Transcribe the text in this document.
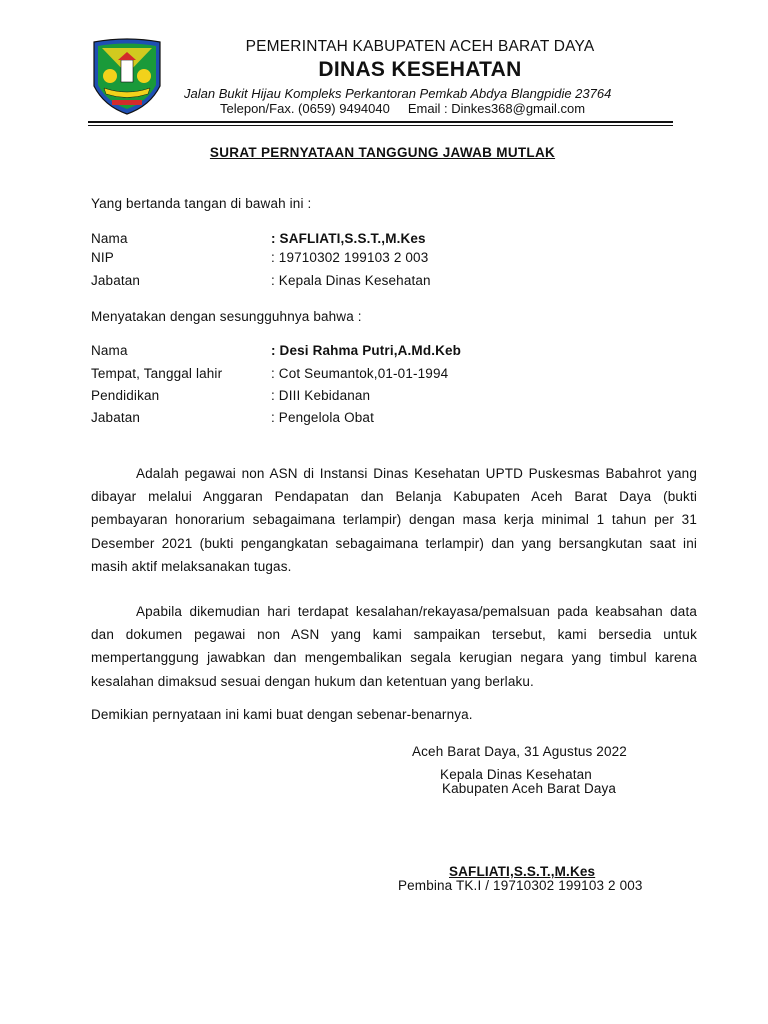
PEMERINTAH KABUPATEN ACEH BARAT DAYA
DINAS KESEHATAN
Jalan Bukit Hijau Kompleks Perkantoran Pemkab Abdya Blangpidie 23764
Telepon/Fax. (0659) 9494040 Email : Dinkes368@gmail.com
SURAT PERNYATAAN TANGGUNG JAWAB MUTLAK
Yang bertanda tangan di bawah ini :
Nama	: SAFLIATI,S.S.T.,M.Kes
NIP	: 19710302 199103 2 003
Jabatan	: Kepala Dinas Kesehatan
Menyatakan dengan sesungguhnya bahwa :
Nama	: Desi Rahma Putri,A.Md.Keb
Tempat, Tanggal lahir	: Cot Seumantok,01-01-1994
Pendidikan	: DIII Kebidanan
Jabatan	: Pengelola Obat

Adalah pegawai non ASN di Instansi Dinas Kesehatan UPTD Puskesmas Babahrot yang dibayar melalui Anggaran Pendapatan dan Belanja Kabupaten Aceh Barat Daya (bukti pembayaran honorarium sebagaimana terlampir) dengan masa kerja minimal 1 tahun per 31 Desember 2021 (bukti pengangkatan sebagaimana terlampir) dan yang bersangkutan saat ini masih aktif melaksanakan tugas.

Apabila dikemudian hari terdapat kesalahan/rekayasa/pemalsuan pada keabsahan data dan dokumen pegawai non ASN yang kami sampaikan tersebut, kami bersedia untuk mempertanggung jawabkan dan mengembalikan segala kerugian negara yang timbul karena kesalahan dimaksud sesuai dengan hukum dan ketentuan yang berlaku.

Demikian pernyataan ini kami buat dengan sebenar-benarnya.
Aceh Barat Daya, 31 Agustus 2022
Kepala Dinas Kesehatan
Kabupaten Aceh Barat Daya
SAFLIATI,S.S.T.,M.Kes
Pembina TK.I / 19710302 199103 2 003
